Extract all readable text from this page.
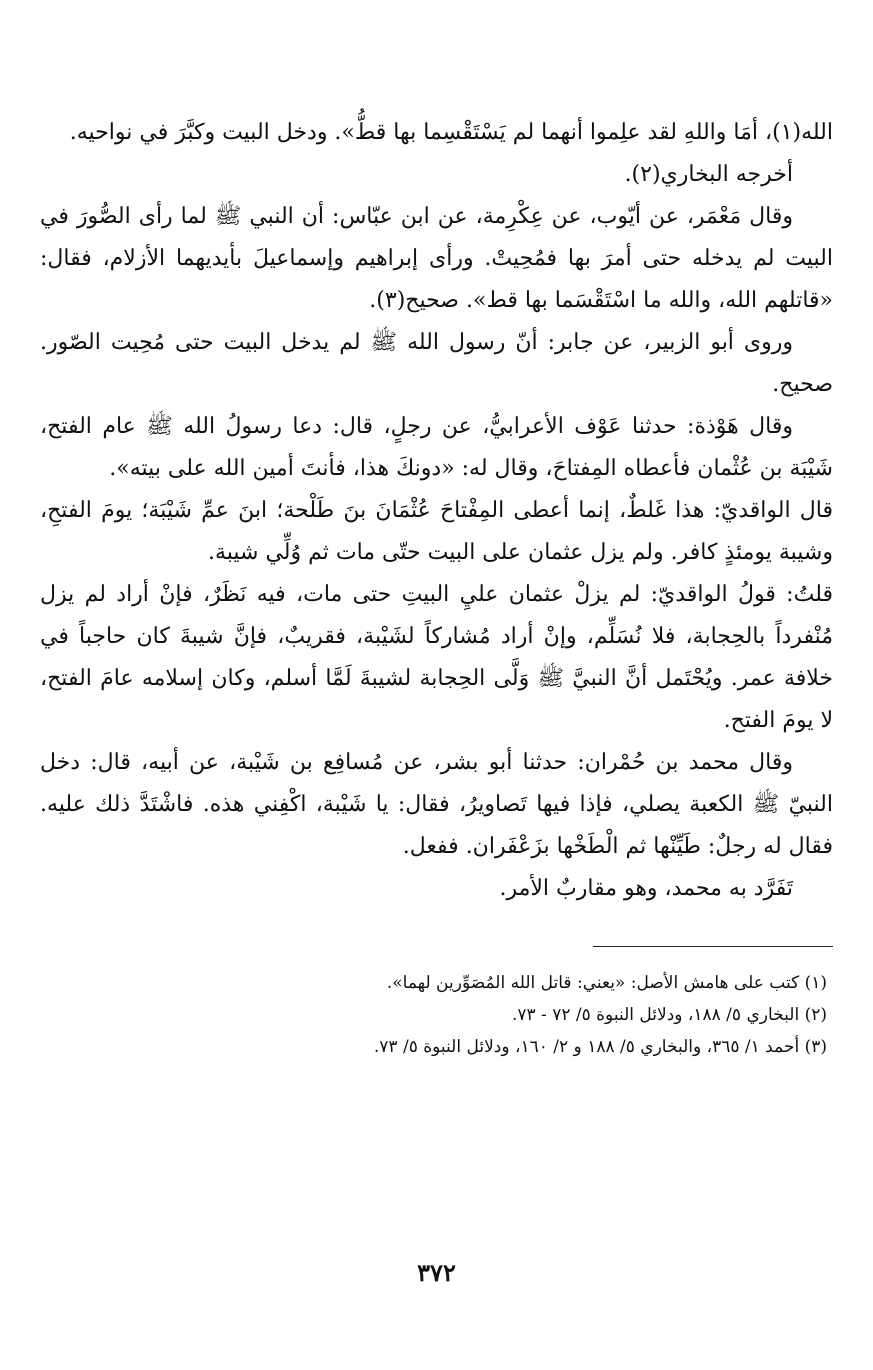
الله(١)، أمَا واللهِ لقد علِموا أنهما لم يَسْتَقْسِما بها قطُّ». ودخل البيت وكبَّرَ في نواحيه.

أخرجه البخاري(٢).

وقال مَعْمَر، عن أيّوب، عن عِكْرِمة، عن ابن عبّاس: أن النبي ﷺ لما رأى الصُّورَ في البيت لم يدخله حتى أمرَ بها فمُحِيتْ. ورأى إبراهيم وإسماعيلَ بأيديهما الأزلام، فقال: «قاتلهم الله، والله ما اسْتَقْسَما بها قط». صحيح(٣).

وروى أبو الزبير، عن جابر: أنّ رسول الله ﷺ لم يدخل البيت حتى مُحِيت الصّور. صحيح.

وقال هَوْذة: حدثنا عَوْف الأعرابيُّ، عن رجلٍ، قال: دعا رسولُ الله ﷺ عام الفتح، شَيْبَة بن عُثْمان فأعطاه المِفتاحَ، وقال له: «دونكَ هذا، فأنتَ أمين الله على بيته».

قال الواقديّ: هذا غَلطٌ، إنما أعطى المِفْتاحَ عُثْمَانَ بنَ طَلْحة؛ ابنَ عمِّ شَيْبَة؛ يومَ الفتحِ، وشيبة يومئذٍ كافر. ولم يزل عثمان على البيت حتّى مات ثم وُلِّي شيبة.

قلتُ: قولُ الواقديّ: لم يزلْ عثمان عليِ البيتِ حتى مات، فيه نَظَرٌ، فإنْ أراد لم يزل مُنْفرداً بالحِجابة، فلا نُسَلِّم، وإنْ أراد مُشاركاً لشَيْبة، فقريبٌ، فإنَّ شيبةَ كان حاجباً في خلافة عمر. ويُحْتَمل أنَّ النبيَّ ﷺ وَلَّى الحِجابة لشيبةَ لَمَّا أسلم، وكان إسلامه عامَ الفتح، لا يومَ الفتح.

وقال محمد بن حُمْران: حدثنا أبو بشر، عن مُسافِع بن شَيْبة، عن أبيه، قال: دخل النبيّ ﷺ الكعبة يصلي، فإذا فيها تَصاويرُ، فقال: يا شَيْبة، اكْفِني هذه. فاشْتَدَّ ذلك عليه. فقال له رجلٌ: طَيِّنْها ثم الْطَخْها بزَعْفَران. ففعل.

تَفَرَّد به محمد، وهو مقاربٌ الأمر.

(١) كتب على هامش الأصل: «يعني: قاتل الله المُصَوِّرين لهما».

(٢) البخاري ٥/ ١٨٨، ودلائل النبوة ٥/ ٧٢ - ٧٣.

(٣) أحمد ١/ ٣٦٥، والبخاري ٥/ ١٨٨ و ٢/ ١٦٠، ودلائل النبوة ٥/ ٧٣.

٣٧٢
